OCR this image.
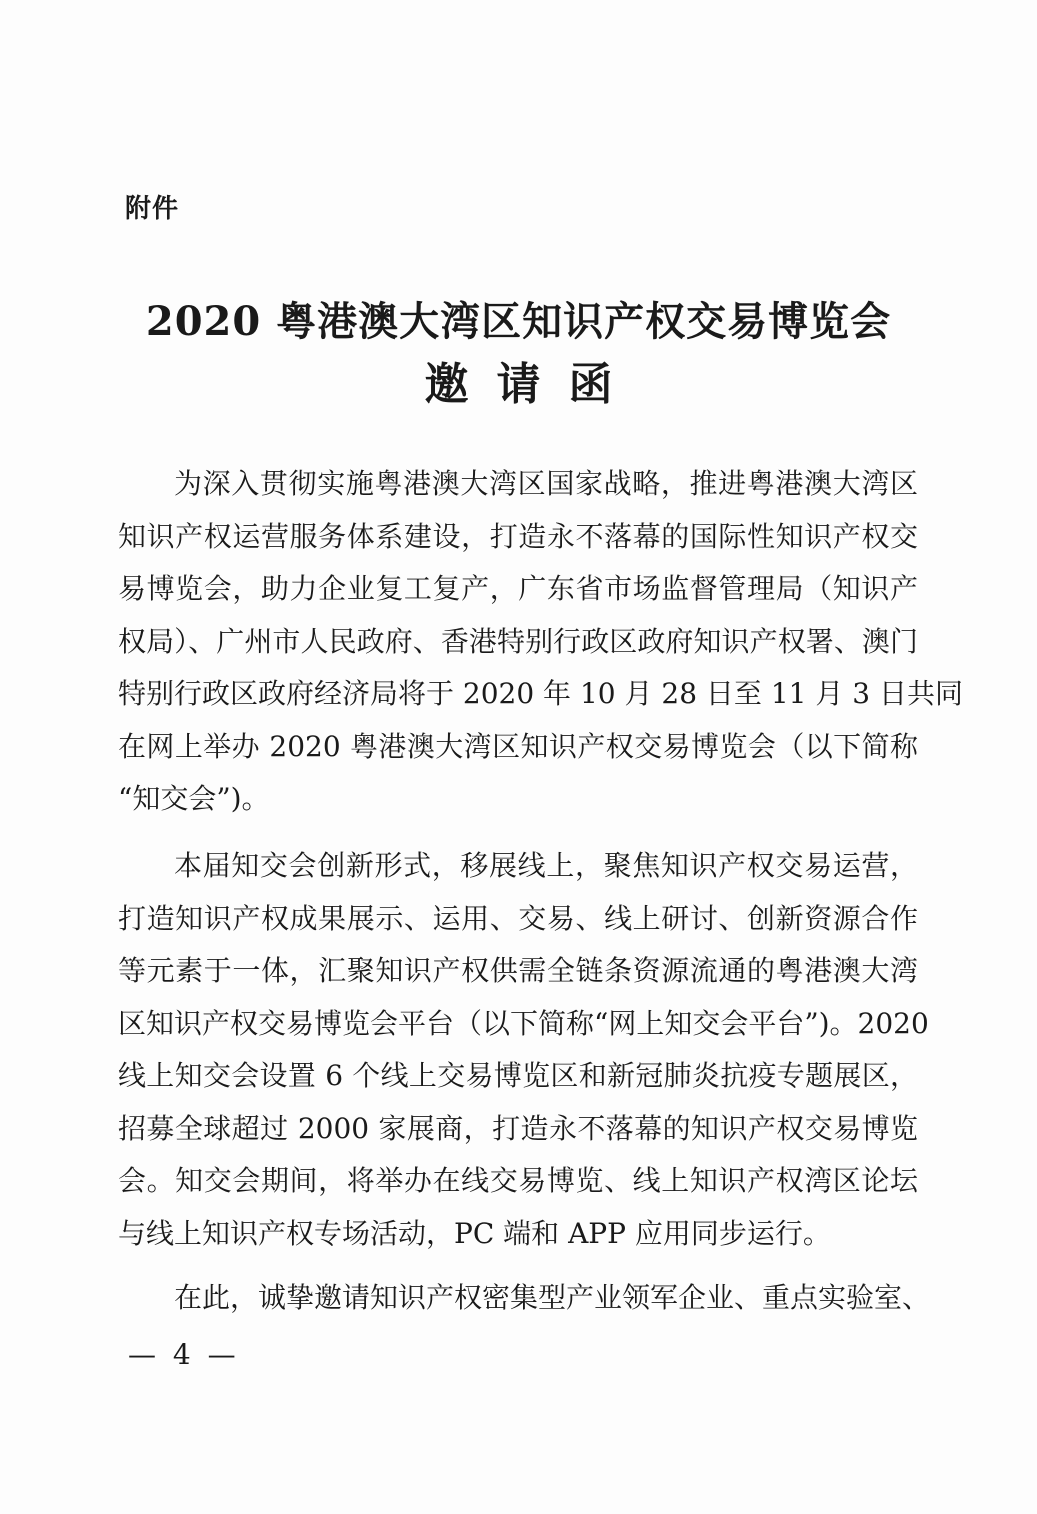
附件
2020 粤港澳大湾区知识产权交易博览会
邀请函
为深入贯彻实施粤港澳大湾区国家战略，推进粤港澳大湾区
知识产权运营服务体系建设，打造永不落幕的国际性知识产权交
易博览会，助力企业复工复产，广东省市场监督管理局（知识产
权局）、广州市人民政府、香港特别行政区政府知识产权署、澳门
特别行政区政府经济局将于 2020 年 10 月 28 日至 11 月 3 日共同
在网上举办 2020 粤港澳大湾区知识产权交易博览会（以下简称
“知交会”)。
本届知交会创新形式，移展线上，聚焦知识产权交易运营，
打造知识产权成果展示、运用、交易、线上研讨、创新资源合作
等元素于一体，汇聚知识产权供需全链条资源流通的粤港澳大湾
区知识产权交易博览会平台（以下简称“网上知交会平台”)。2020
线上知交会设置 6 个线上交易博览区和新冠肺炎抗疫专题展区，
招募全球超过 2000 家展商，打造永不落幕的知识产权交易博览
会。知交会期间，将举办在线交易博览、线上知识产权湾区论坛
与线上知识产权专场活动，PC 端和 APP 应用同步运行。
在此，诚挚邀请知识产权密集型产业领军企业、重点实验室、
— 4 —
